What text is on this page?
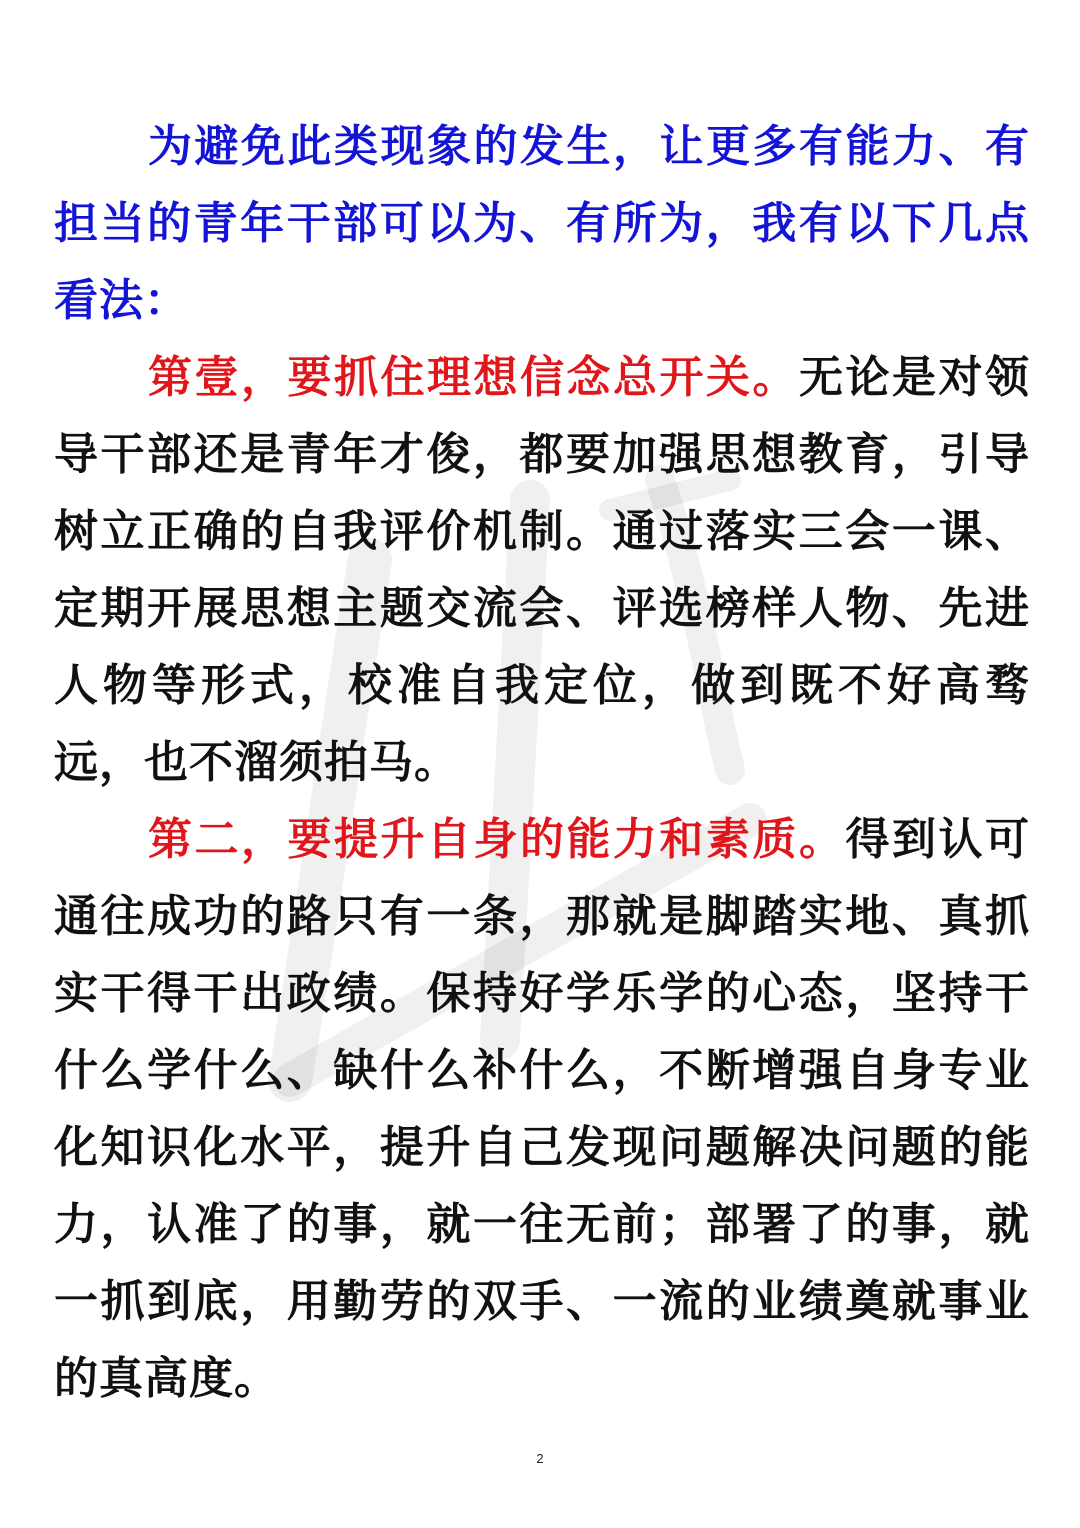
为避免此类现象的发生，让更多有能力、有担当的青年干部可以为、有所为，我有以下几点看法：

第壹，要抓住理想信念总开关。无论是对领导干部还是青年才俊，都要加强思想教育，引导树立正确的自我评价机制。通过落实三会一课、定期开展思想主题交流会、评选榜样人物、先进人物等形式，校准自我定位，做到既不好高骛远，也不溜须拍马。

第二，要提升自身的能力和素质。得到认可通往成功的路只有一条，那就是脚踏实地、真抓实干得干出政绩。保持好学乐学的心态，坚持干什么学什么、缺什么补什么，不断增强自身专业化知识化水平，提升自己发现问题解决问题的能力，认准了的事，就一往无前；部署了的事，就一抓到底，用勤劳的双手、一流的业绩奠就事业的真高度。

2
